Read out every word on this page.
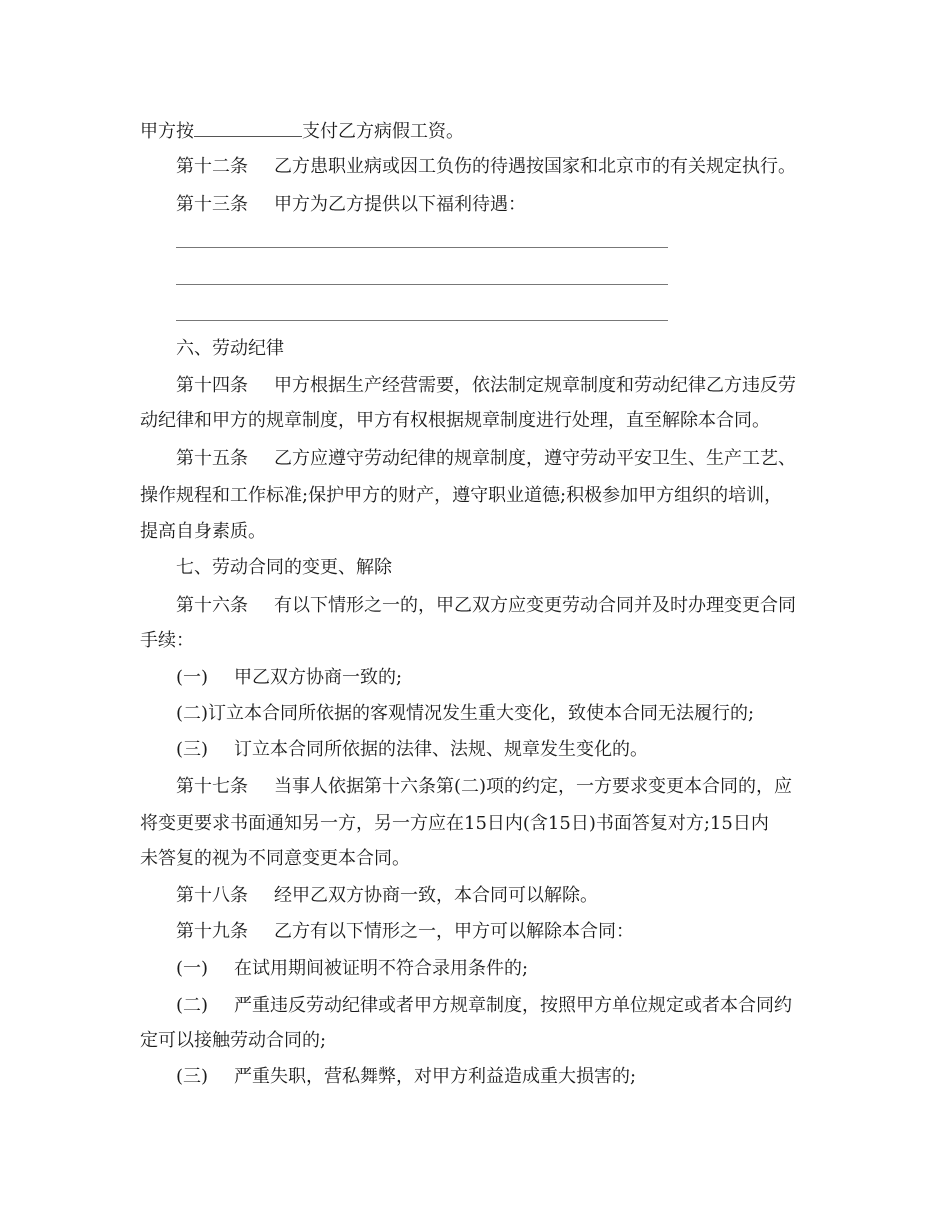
甲方按	支付乙方病假工资。
第十二条 乙方患职业病或因工负伤的待遇按国家和北京市的有关规定执行。
第十三条 甲方为乙方提供以下福利待遇：
六、劳动纪律
第十四条 甲方根据生产经营需要，依法制定规章制度和劳动纪律乙方违反劳
动纪律和甲方的规章制度，甲方有权根据规章制度进行处理，直至解除本合同。
第十五条 乙方应遵守劳动纪律的规章制度，遵守劳动平安卫生、生产工艺、
操作规程和工作标准;保护甲方的财产，遵守职业道德;积极参加甲方组织的培训，
提高自身素质。
七、劳动合同的变更、解除
第十六条 有以下情形之一的，甲乙双方应变更劳动合同并及时办理变更合同
手续：
(一) 甲乙双方协商一致的;
(二)订立本合同所依据的客观情况发生重大变化，致使本合同无法履行的;
(三) 订立本合同所依据的法律、法规、规章发生变化的。
第十七条 当事人依据第十六条第(二)项的约定，一方要求变更本合同的，应
将变更要求书面通知另一方，另一方应在15日内(含15日)书面答复对方;15日内
未答复的视为不同意变更本合同。
第十八条 经甲乙双方协商一致，本合同可以解除。
第十九条 乙方有以下情形之一，甲方可以解除本合同：
(一) 在试用期间被证明不符合录用条件的;
(二) 严重违反劳动纪律或者甲方规章制度，按照甲方单位规定或者本合同约
定可以接触劳动合同的;
(三) 严重失职，营私舞弊，对甲方利益造成重大损害的;
